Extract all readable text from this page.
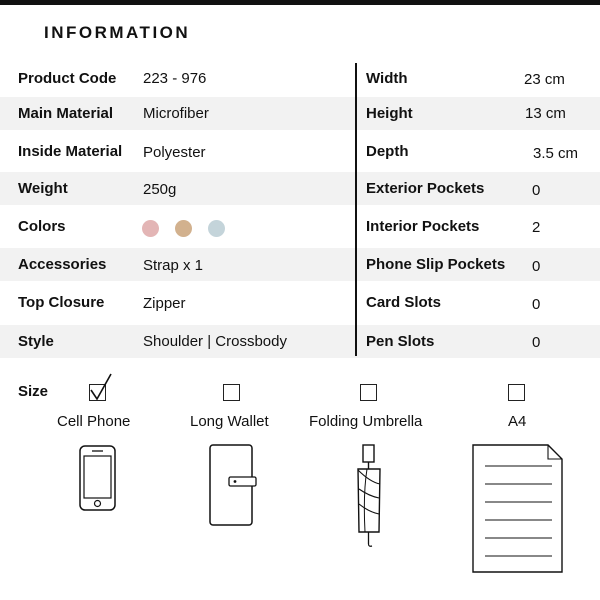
INFORMATION
Product Code 223 - 976
Main Material Microfiber
Inside Material Polyester
Weight	250g
Colors
Accessories Strap x 1
Top Closure	Zipper
Style	Shoulder | Crossbody
Width	23 cm
Height	13 cm
Depth	3.5 cm
Exterior Pockets	0
Interior Pockets	2
Phone Slip Pockets 0
Card Slots	0
Pen Slots	0
Size
Cell Phone	Long Wallet	Folding Umbrella	A4
